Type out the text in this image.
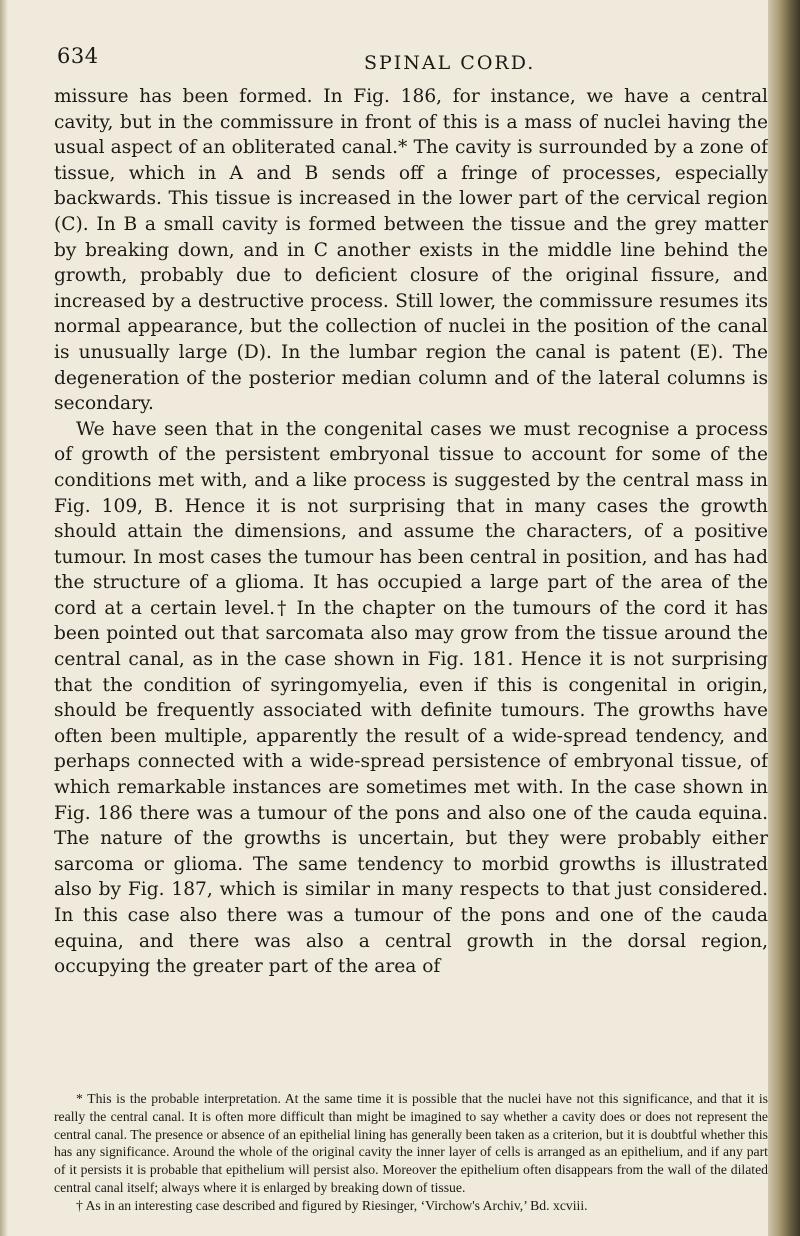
634	SPINAL CORD.

missure has been formed. In Fig. 186, for instance, we have a central cavity, but in the commissure in front of this is a mass of nuclei having the usual aspect of an obliterated canal.* The cavity is surrounded by a zone of tissue, which in A and B sends off a fringe of processes, especially backwards. This tissue is increased in the lower part of the cervical region (C). In B a small cavity is formed between the tissue and the grey matter by breaking down, and in C another exists in the middle line behind the growth, probably due to deficient closure of the original fissure, and increased by a destructive process. Still lower, the commissure resumes its normal appearance, but the collection of nuclei in the position of the canal is unusually large (D). In the lumbar region the canal is patent (E). The degeneration of the posterior median column and of the lateral columns is secondary.

We have seen that in the congenital cases we must recognise a process of growth of the persistent embryonal tissue to account for some of the conditions met with, and a like process is suggested by the central mass in Fig. 109, B. Hence it is not surprising that in many cases the growth should attain the dimensions, and assume the characters, of a positive tumour. In most cases the tumour has been central in position, and has had the structure of a glioma. It has occupied a large part of the area of the cord at a certain level.† In the chapter on the tumours of the cord it has been pointed out that sarcomata also may grow from the tissue around the central canal, as in the case shown in Fig. 181. Hence it is not surprising that the condition of syringomyelia, even if this is congenital in origin, should be frequently associated with definite tumours. The growths have often been multiple, apparently the result of a wide-spread tendency, and perhaps connected with a wide-spread persistence of embryonal tissue, of which remarkable instances are sometimes met with. In the case shown in Fig. 186 there was a tumour of the pons and also one of the cauda equina. The nature of the growths is uncertain, but they were probably either sarcoma or glioma. The same tendency to morbid growths is illustrated also by Fig. 187, which is similar in many respects to that just considered. In this case also there was a tumour of the pons and one of the cauda equina, and there was also a central growth in the dorsal region, occupying the greater part of the area of

* This is the probable interpretation. At the same time it is possible that the nuclei have not this significance, and that it is really the central canal. It is often more difficult than might be imagined to say whether a cavity does or does not represent the central canal. The presence or absence of an epithelial lining has generally been taken as a criterion, but it is doubtful whether this has any significance. Around the whole of the original cavity the inner layer of cells is arranged as an epithelium, and if any part of it persists it is probable that epithelium will persist also. Moreover the epithelium often disappears from the wall of the dilated central canal itself; always where it is enlarged by breaking down of tissue.

† As in an interesting case described and figured by Riesinger, ‘Virchow's Archiv,’ Bd. xcviii.
